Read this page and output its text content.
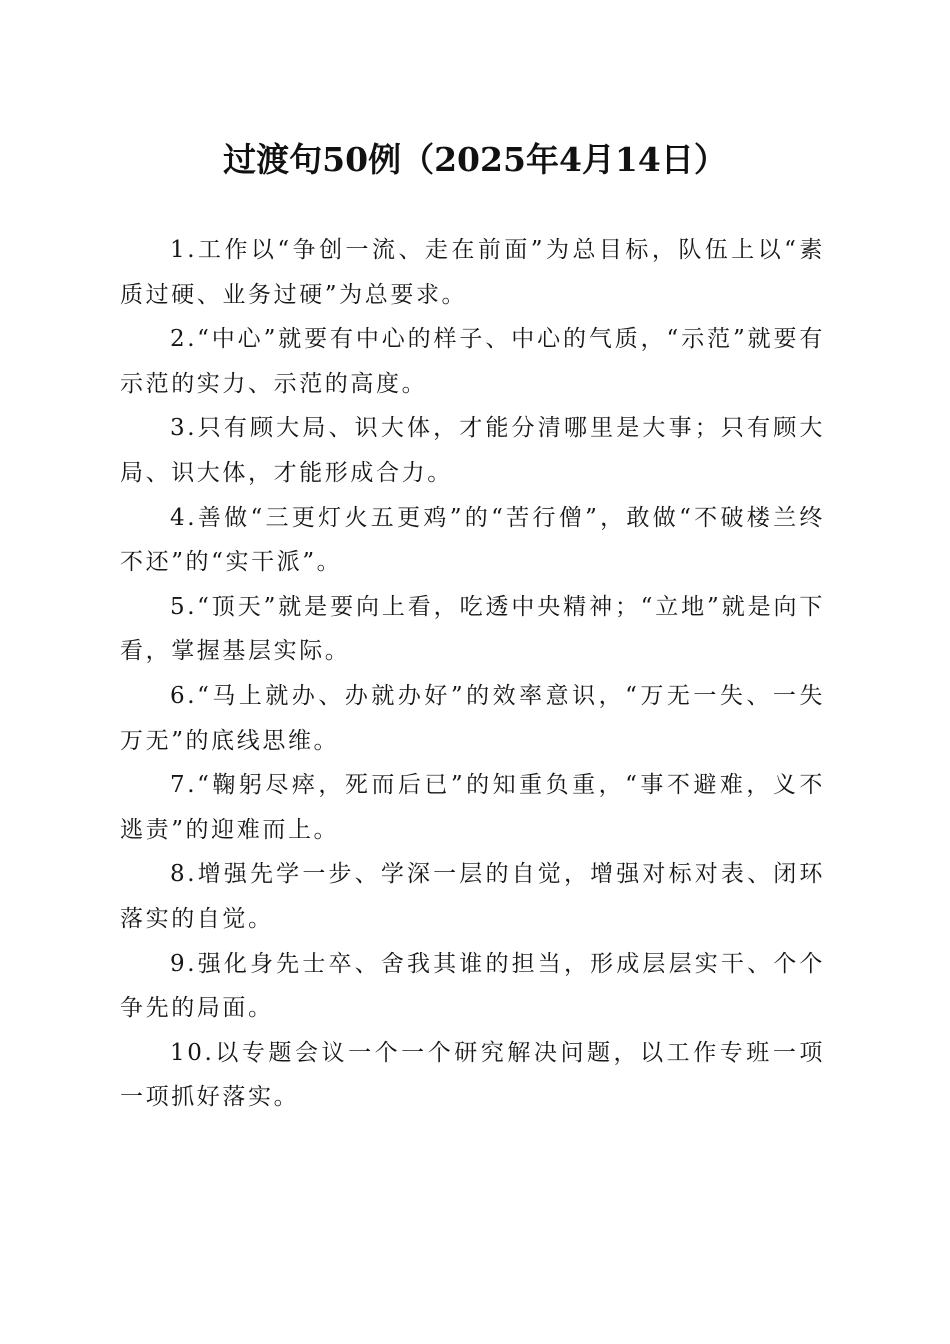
过渡句50例（2025年4月14日）

1.工作以“争创一流、走在前面”为总目标，队伍上以“素质过硬、业务过硬”为总要求。

2.“中心”就要有中心的样子、中心的气质，“示范”就要有示范的实力、示范的高度。

3.只有顾大局、识大体，才能分清哪里是大事；只有顾大局、识大体，才能形成合力。

4.善做“三更灯火五更鸡”的“苦行僧”，敢做“不破楼兰终不还”的“实干派”。

5.“顶天”就是要向上看，吃透中央精神；“立地”就是向下看，掌握基层实际。

6.“马上就办、办就办好”的效率意识，“万无一失、一失万无”的底线思维。

7.“鞠躬尽瘁，死而后已”的知重负重，“事不避难，义不逃责”的迎难而上。

8.增强先学一步、学深一层的自觉，增强对标对表、闭环落实的自觉。

9.强化身先士卒、舍我其谁的担当，形成层层实干、个个争先的局面。

10.以专题会议一个一个研究解决问题，以工作专班一项一项抓好落实。
